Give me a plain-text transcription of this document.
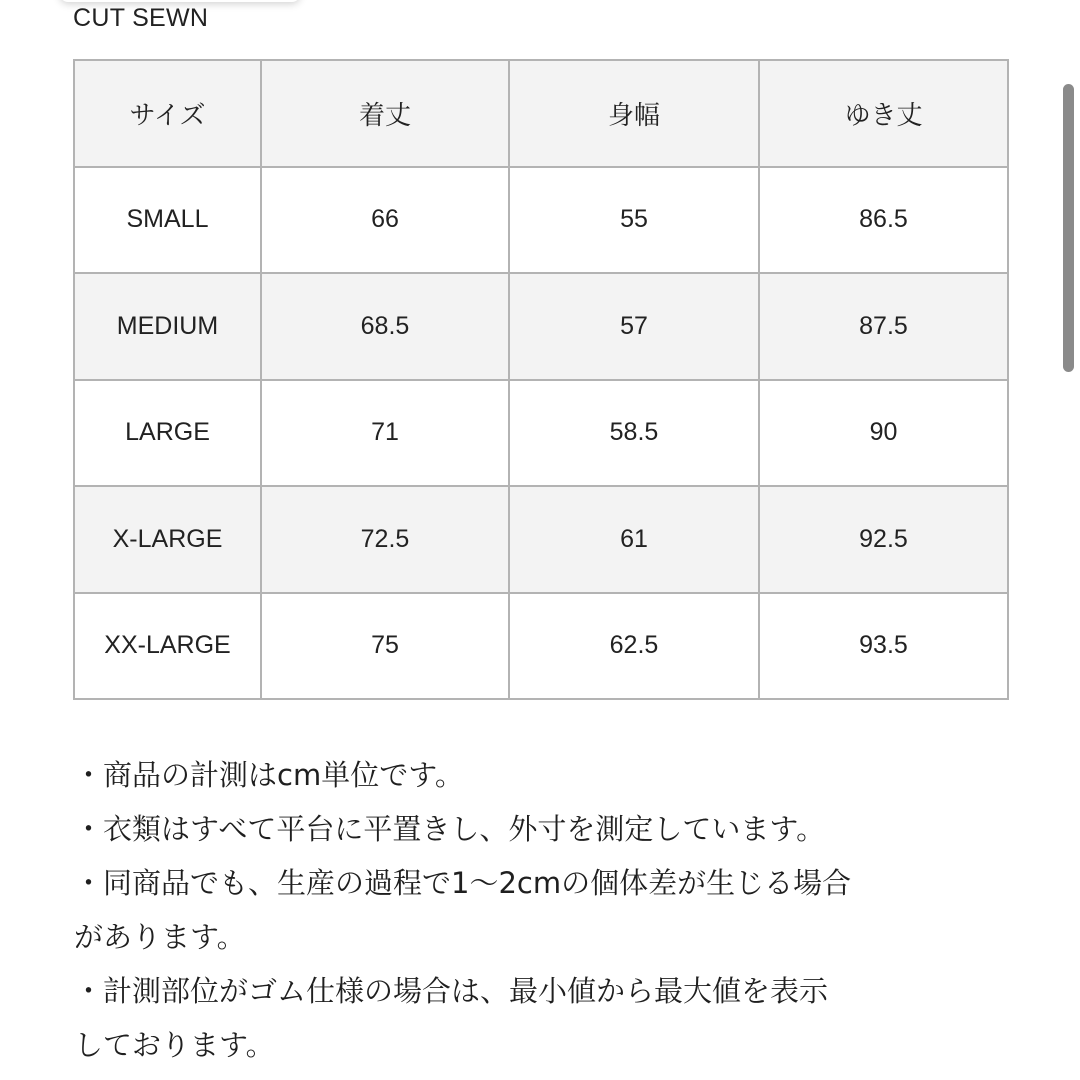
CUT SEWN
サイズ	着丈	身幅	ゆき丈
SMALL	66	55	86.5
MEDIUM	68.5	57	87.5
LARGE	71	58.5	90
X-LARGE	72.5	61	92.5
XX-LARGE	75	62.5	93.5

・商品の計測はcm単位です。

・衣類はすべて平台に平置きし、外寸を測定しています。

・同商品でも、生産の過程で1〜2cmの個体差が生じる場合

があります。

・計測部位がゴム仕様の場合は、最小値から最大値を表示

しております。
